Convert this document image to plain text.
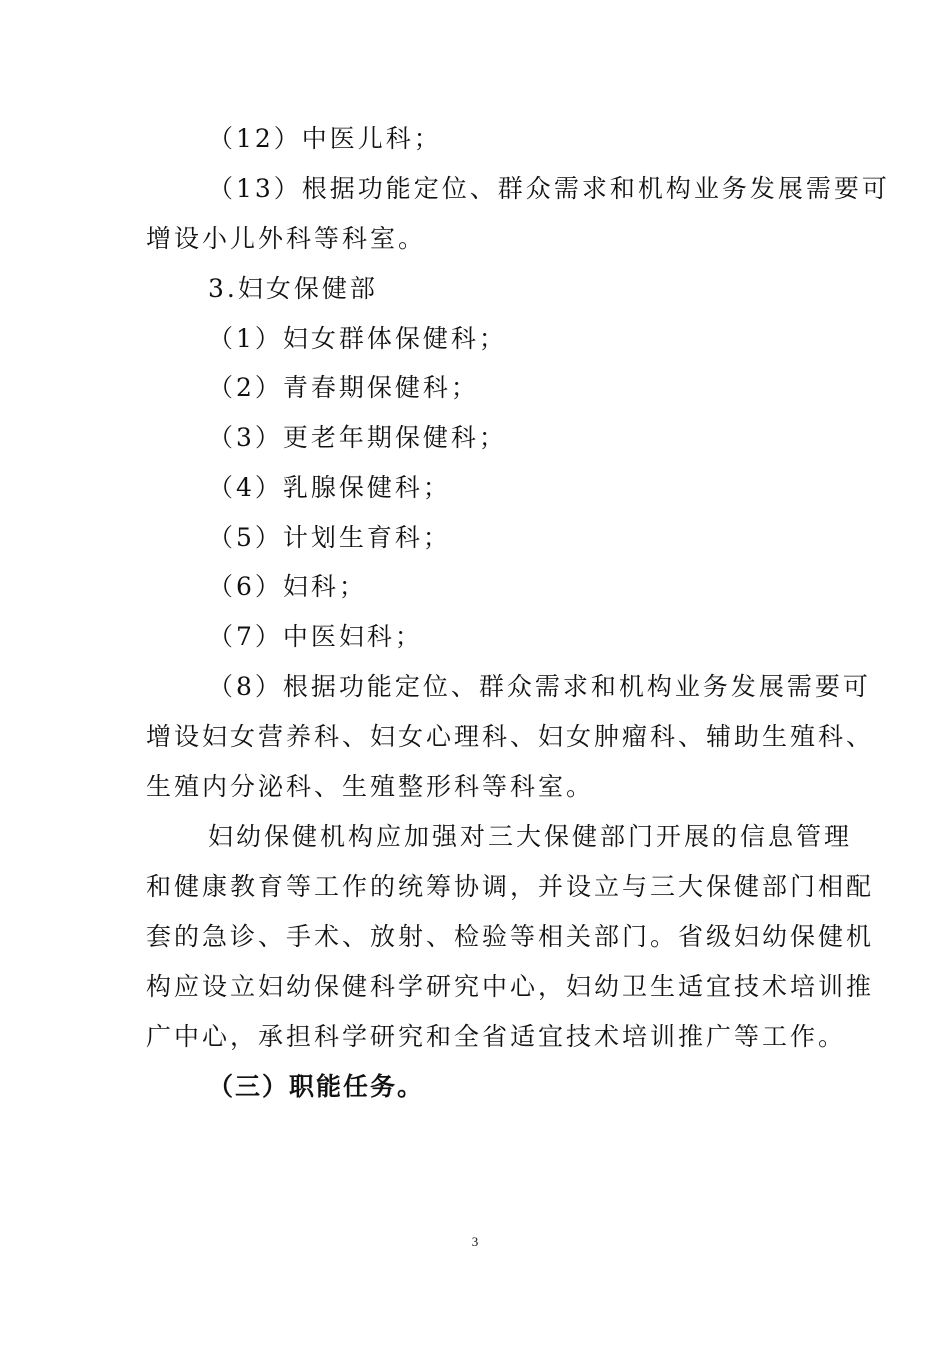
（12）中医儿科；
（13）根据功能定位、群众需求和机构业务发展需要可
增设小儿外科等科室。
3.妇女保健部
（1）妇女群体保健科；
（2）青春期保健科；
（3）更老年期保健科；
（4）乳腺保健科；
（5）计划生育科；
（6）妇科；
（7）中医妇科；
（8）根据功能定位、群众需求和机构业务发展需要可
增设妇女营养科、妇女心理科、妇女肿瘤科、辅助生殖科、
生殖内分泌科、生殖整形科等科室。
妇幼保健机构应加强对三大保健部门开展的信息管理
和健康教育等工作的统筹协调，并设立与三大保健部门相配
套的急诊、手术、放射、检验等相关部门。省级妇幼保健机
构应设立妇幼保健科学研究中心，妇幼卫生适宜技术培训推
广中心，承担科学研究和全省适宜技术培训推广等工作。
（三）职能任务。
3
